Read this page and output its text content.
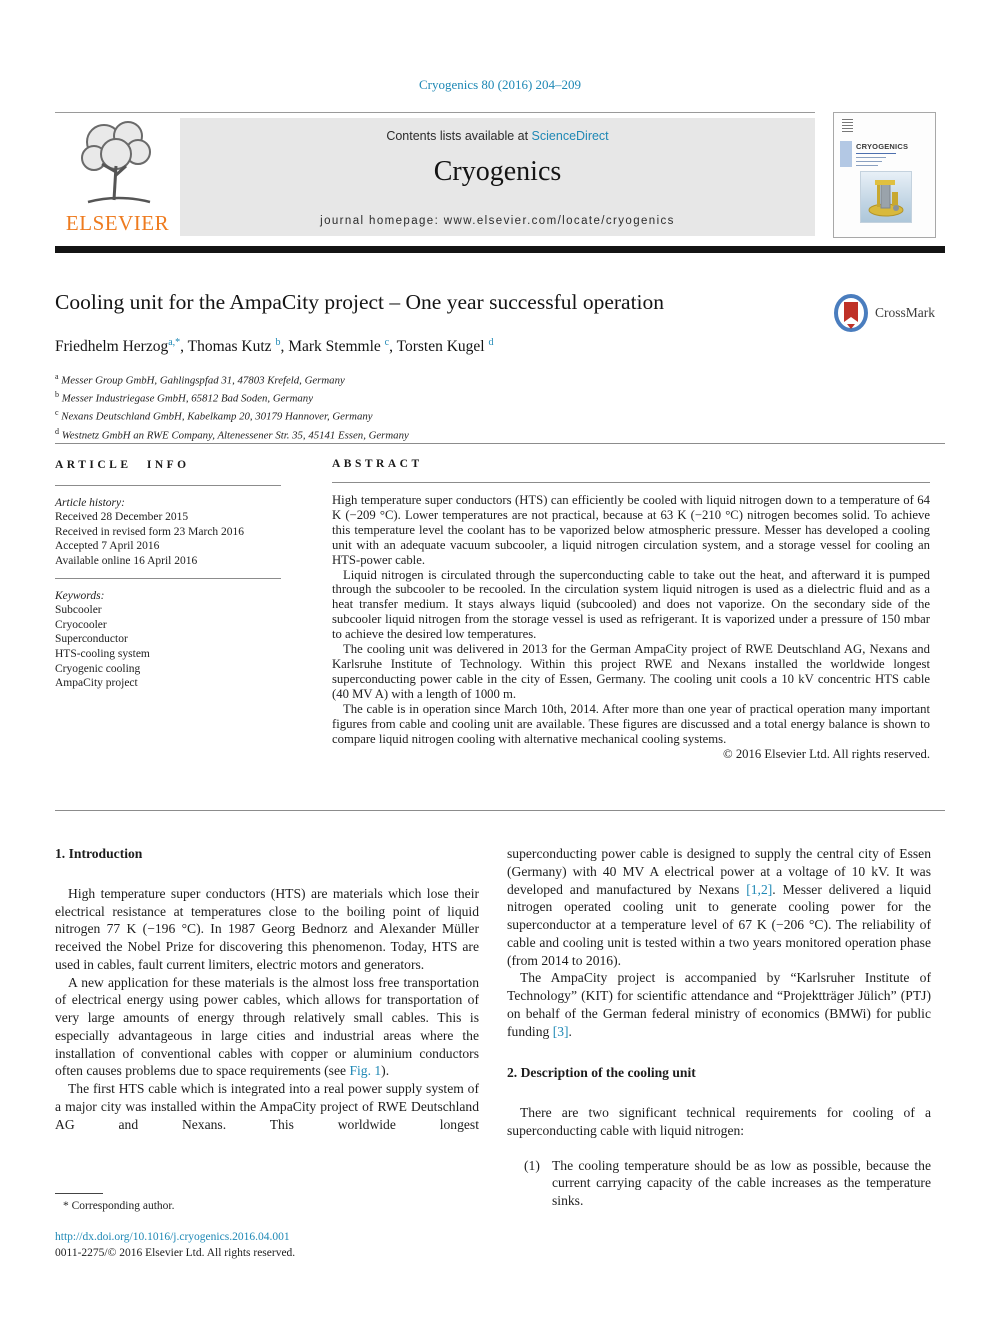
Cryogenics 80 (2016) 204–209
ELSEVIER
Contents lists available at ScienceDirect
Cryogenics
journal homepage: www.elsevier.com/locate/cryogenics
CRYOGENICS
Cooling unit for the AmpaCity project – One year successful operation	CrossMark
Friedhelm Herzog$^{a,*}$, Thomas Kutz $^b$, Mark Stemmle $^c$, Torsten Kugel $^d$
$^a$ Messer Group GmbH, Gahlingspfad 31, 47803 Krefeld, Germany
$^b$ Messer Industriegase GmbH, 65812 Bad Soden, Germany
$^c$ Nexans Deutschland GmbH, Kabelkamp 20, 30179 Hannover, Germany
$^d$ Westnetz GmbH an RWE Company, Altenessener Str. 35, 45141 Essen, Germany
ARTICLE INFO
Article history:
Received 28 December 2015
Received in revised form 23 March 2016
Accepted 7 April 2016
Available online 16 April 2016
Keywords:
Subcooler
Cryocooler
Superconductor
HTS-cooling system
Cryogenic cooling
AmpaCity project
ABSTRACT

High temperature super conductors (HTS) can efficiently be cooled with liquid nitrogen down to a temperature of 64 K (−209 °C). Lower temperatures are not practical, because at 63 K (−210 °C) nitrogen becomes solid. To achieve this temperature level the coolant has to be vaporized below atmospheric pressure. Messer has developed a cooling unit with an adequate vacuum subcooler, a liquid nitrogen circulation system, and a storage vessel for cooling an HTS-power cable.

Liquid nitrogen is circulated through the superconducting cable to take out the heat, and afterward it is pumped through the subcooler to be recooled. In the circulation system liquid nitrogen is used as a dielectric fluid and as a heat transfer medium. It stays always liquid (subcooled) and does not vaporize. On the secondary side of the subcooler liquid nitrogen from the storage vessel is used as refrigerant. It is vaporized under a pressure of 150 mbar to achieve the desired low temperatures.

The cooling unit was delivered in 2013 for the German AmpaCity project of RWE Deutschland AG, Nexans and Karlsruhe Institute of Technology. Within this project RWE and Nexans installed the worldwide longest superconducting power cable in the city of Essen, Germany. The cooling unit cools a 10 kV concentric HTS cable (40 MV A) with a length of 1000 m.

The cable is in operation since March 10th, 2014. After more than one year of practical operation many important figures from cable and cooling unit are available. These figures are discussed and a total energy balance is shown to compare liquid nitrogen cooling with alternative mechanical cooling systems.

© 2016 Elsevier Ltd. All rights reserved.
1. Introduction

High temperature super conductors (HTS) are materials which lose their electrical resistance at temperatures close to the boiling point of liquid nitrogen 77 K (−196 °C). In 1987 Georg Bednorz and Alexander Müller received the Nobel Prize for discovering this phenomenon. Today, HTS are used in cables, fault current limiters, electric motors and generators.

A new application for these materials is the almost loss free transportation of electrical energy using power cables, which allows for transportation of very large amounts of energy through relatively small cables. This is especially advantageous in large cities and industrial areas where the installation of conventional cables with copper or aluminium conductors often causes problems due to space requirements (see Fig. 1).

The first HTS cable which is integrated into a real power supply system of a major city was installed within the AmpaCity project of RWE Deutschland AG and Nexans. This worldwide longest

superconducting power cable is designed to supply the central city of Essen (Germany) with 40 MV A electrical power at a voltage of 10 kV. It was developed and manufactured by Nexans [1,2]. Messer delivered a liquid nitrogen operated cooling unit to generate cooling power for the superconductor at a temperature level of 67 K (−206 °C). The reliability of cable and cooling unit is tested within a two years monitored operation phase (from 2014 to 2016).

The AmpaCity project is accompanied by “Karlsruher Institute of Technology” (KIT) for scientific attendance and “Projektträger Jülich” (PTJ) on behalf of the German federal ministry of economics (BMWi) for public funding [3].

2. Description of the cooling unit

There are two significant technical requirements for cooling of a superconducting cable with liquid nitrogen:

(1) The cooling temperature should be as low as possible, because the current carrying capacity of the cable increases as the temperature sinks.
* Corresponding author.
http://dx.doi.org/10.1016/j.cryogenics.2016.04.001
0011-2275/© 2016 Elsevier Ltd. All rights reserved.
